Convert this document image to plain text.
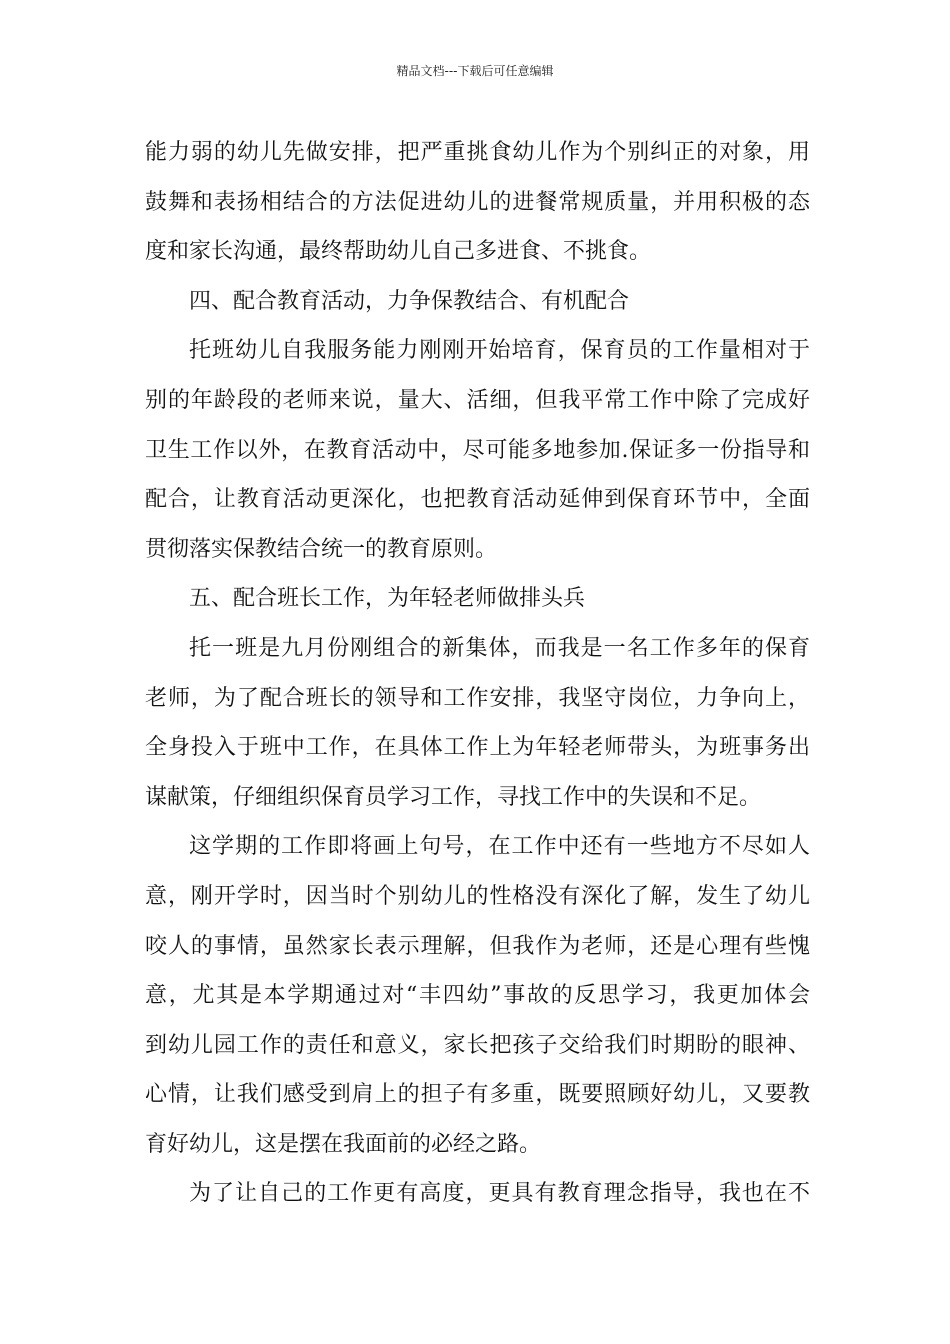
精品文档---下载后可任意编辑
能力弱的幼儿先做安排，把严重挑食幼儿作为个别纠正的对象，用
鼓舞和表扬相结合的方法促进幼儿的进餐常规质量，并用积极的态
度和家长沟通，最终帮助幼儿自己多进食、不挑食。
四、配合教育活动，力争保教结合、有机配合
托班幼儿自我服务能力刚刚开始培育，保育员的工作量相对于
别的年龄段的老师来说，量大、活细，但我平常工作中除了完成好
卫生工作以外，在教育活动中，尽可能多地参加.保证多一份指导和
配合，让教育活动更深化，也把教育活动延伸到保育环节中，全面
贯彻落实保教结合统一的教育原则。
五、配合班长工作，为年轻老师做排头兵
托一班是九月份刚组合的新集体，而我是一名工作多年的保育
老师，为了配合班长的领导和工作安排，我坚守岗位，力争向上，
全身投入于班中工作，在具体工作上为年轻老师带头，为班事务出
谋献策，仔细组织保育员学习工作，寻找工作中的失误和不足。
这学期的工作即将画上句号，在工作中还有一些地方不尽如人
意，刚开学时，因当时个别幼儿的性格没有深化了解，发生了幼儿
咬人的事情，虽然家长表示理解，但我作为老师，还是心理有些愧
意，尤其是本学期通过对“丰四幼”事故的反思学习，我更加体会
到幼儿园工作的责任和意义，家长把孩子交给我们时期盼的眼神、
心情，让我们感受到肩上的担子有多重，既要照顾好幼儿，又要教
育好幼儿，这是摆在我面前的必经之路。
为了让自己的工作更有高度，更具有教育理念指导，我也在不
